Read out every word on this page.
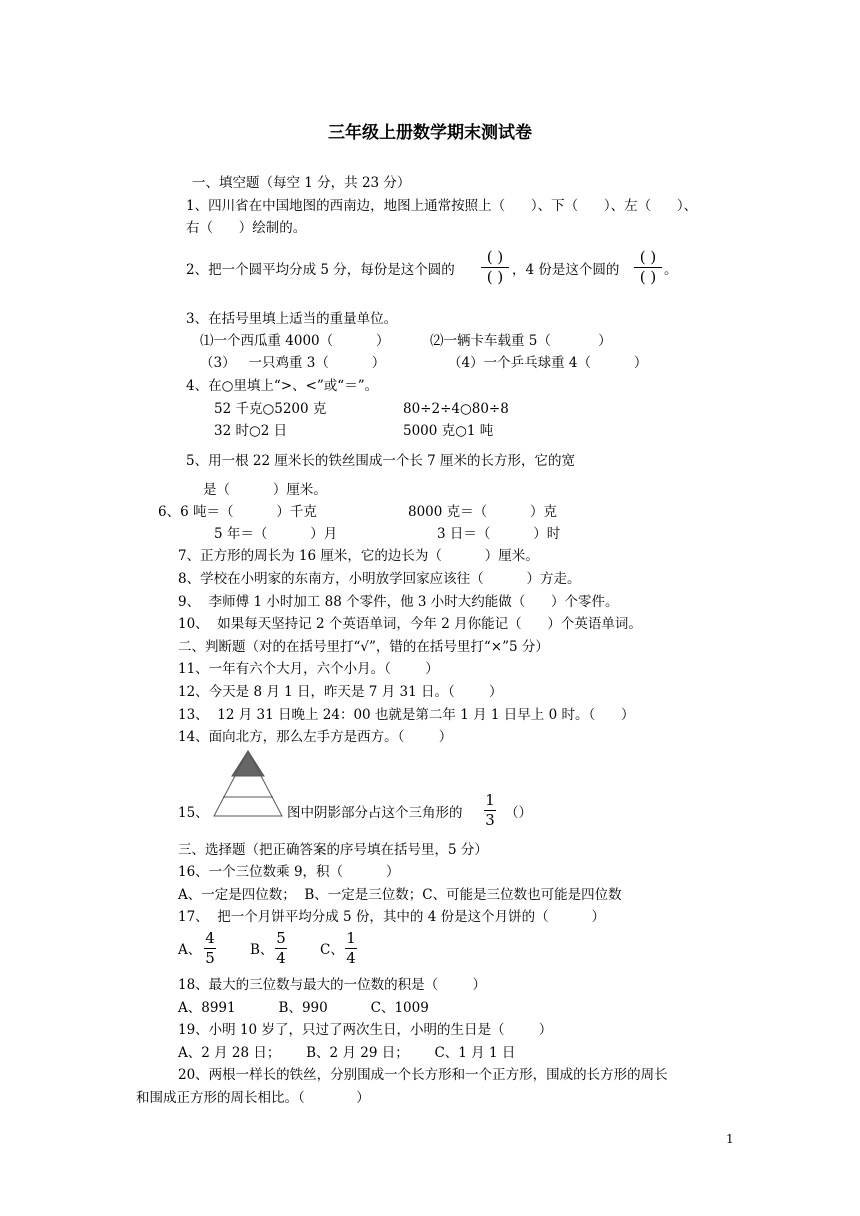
三年级上册数学期末测试卷
一、填空题（每空 1 分，共 23 分）
1、四川省在中国地图的西南边，地图上通常按照上（      ）、下（      ）、左（      ）、
右（      ）绘制的。
2、把一个圆平均分成 5 分，每份是这个圆的
( )
( ) ，4 份是这个圆的
( )
( ) 。
3、在括号里填上适当的重量单位。
⑴一个西瓜重 4000（          ）	⑵一辆卡车载重 5（           ）
（3）   一只鸡重 3（          ）	（4）一个乒乓球重 4（          ）
4、在○里填上“>、<”或“＝”。
52 千克○5200 克	80÷2÷4○80÷8
32 时○2 日	5000 克○1 吨
5、用一根 22 厘米长的铁丝围成一个长 7 厘米的长方形，它的宽
是（          ）厘米。
6、6 吨＝（          ）千克	8000 克＝（          ）克
5 年＝（          ）月	3 日＝（          ）时
7、正方形的周长为 16 厘米，它的边长为（          ）厘米。
8、学校在小明家的东南方，小明放学回家应该往（          ）方走。
9、  李师傅 1 小时加工 88 个零件，他 3 小时大约能做（      ）个零件。
10、  如果每天坚持记 2 个英语单词，今年 2 月你能记（      ）个英语单词。
二、判断题（对的在括号里打“√”，错的在括号里打“×”5 分）
11、一年有六个大月，六个小月。（        ）
12、今天是 8 月 1 日，昨天是 7 月 31 日。（        ）
13、  12 月 31 日晚上 24：00 也就是第二年 1 月 1 日早上 0 时。（      ）
14、面向北方，那么左手方是西方。（        ）
15、	图中阴影部分占这个三角形的
1
3 （）
三、选择题（把正确答案的序号填在括号里，5 分）
16、一个三位数乘 9，积（          ）
A、一定是四位数；  B、一定是三位数；C、可能是三位数也可能是四位数
17、  把一个月饼平均分成 5 份，其中的 4 份是这个月饼的（          ）
A、
4
5	B、
5
4	C、
1
4
18、最大的三位数与最大的一位数的积是（        ）
A、8991          B、990          C、1009
19、小明 10 岁了，只过了两次生日，小明的生日是（        ）
A、2 月 28 日；      B、2 月 29 日；      C、1 月 1 日
20、两根一样长的铁丝，分别围成一个长方形和一个正方形，围成的长方形的周长
和围成正方形的周长相比。（            ）
1
